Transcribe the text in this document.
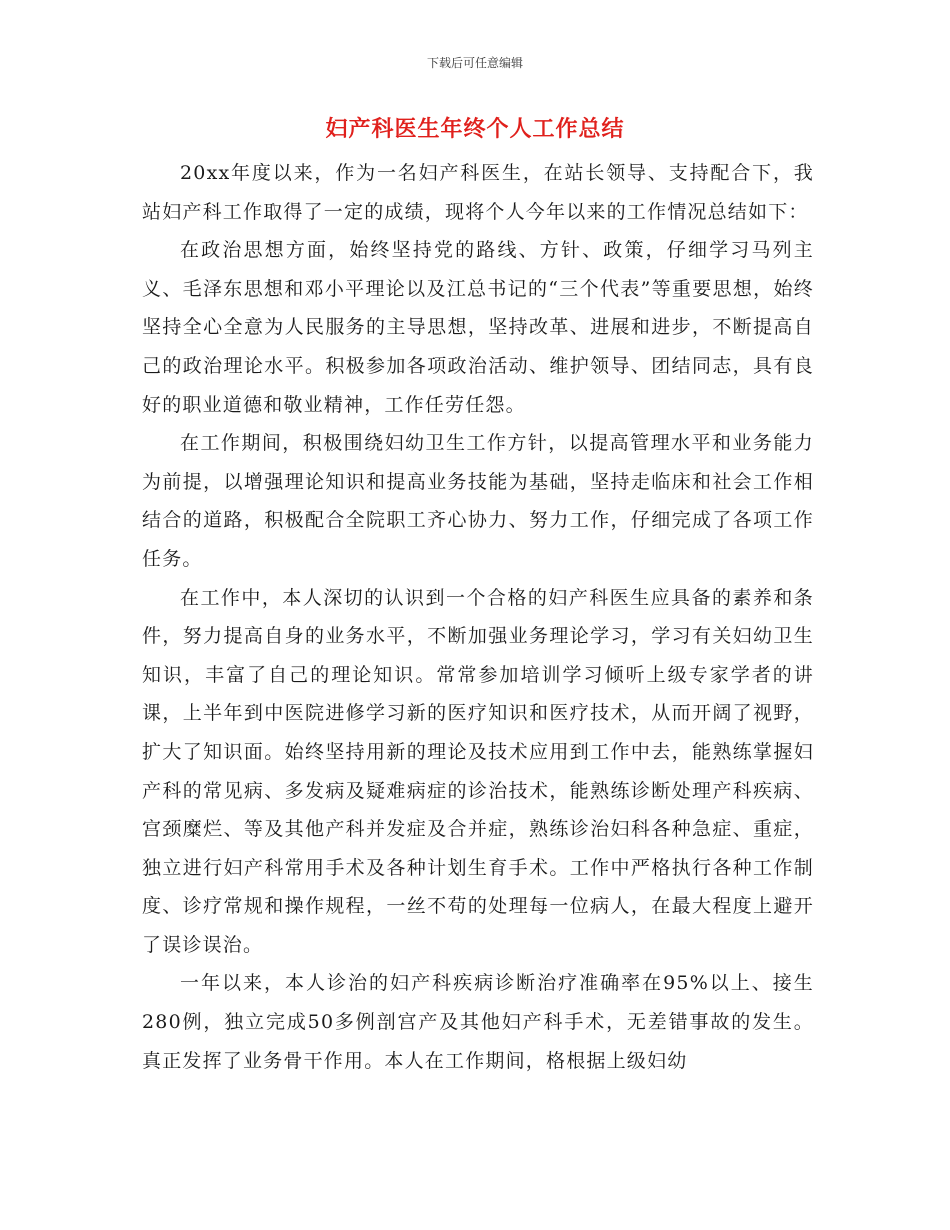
下载后可任意编辑
妇产科医生年终个人工作总结

20xx年度以来，作为一名妇产科医生，在站长领导、支持配合下，我站妇产科工作取得了一定的成绩，现将个人今年以来的工作情况总结如下：

在政治思想方面，始终坚持党的路线、方针、政策，仔细学习马列主义、毛泽东思想和邓小平理论以及江总书记的“三个代表”等重要思想，始终坚持全心全意为人民服务的主导思想，坚持改革、进展和进步，不断提高自己的政治理论水平。积极参加各项政治活动、维护领导、团结同志，具有良好的职业道德和敬业精神，工作任劳任怨。

在工作期间，积极围绕妇幼卫生工作方针，以提高管理水平和业务能力为前提，以增强理论知识和提高业务技能为基础，坚持走临床和社会工作相结合的道路，积极配合全院职工齐心协力、努力工作，仔细完成了各项工作任务。

在工作中，本人深切的认识到一个合格的妇产科医生应具备的素养和条件，努力提高自身的业务水平，不断加强业务理论学习，学习有关妇幼卫生知识，丰富了自己的理论知识。常常参加培训学习倾听上级专家学者的讲课，上半年到中医院进修学习新的医疗知识和医疗技术，从而开阔了视野，扩大了知识面。始终坚持用新的理论及技术应用到工作中去，能熟练掌握妇产科的常见病、多发病及疑难病症的诊治技术，能熟练诊断处理产科疾病、宫颈糜烂、等及其他产科并发症及合并症，熟练诊治妇科各种急症、重症，独立进行妇产科常用手术及各种计划生育手术。工作中严格执行各种工作制度、诊疗常规和操作规程，一丝不苟的处理每一位病人，在最大程度上避开了误诊误治。

一年以来，本人诊治的妇产科疾病诊断治疗准确率在95%以上、接生280例，独立完成50多例剖宫产及其他妇产科手术，无差错事故的发生。真正发挥了业务骨干作用。本人在工作期间，格根据上级妇幼
